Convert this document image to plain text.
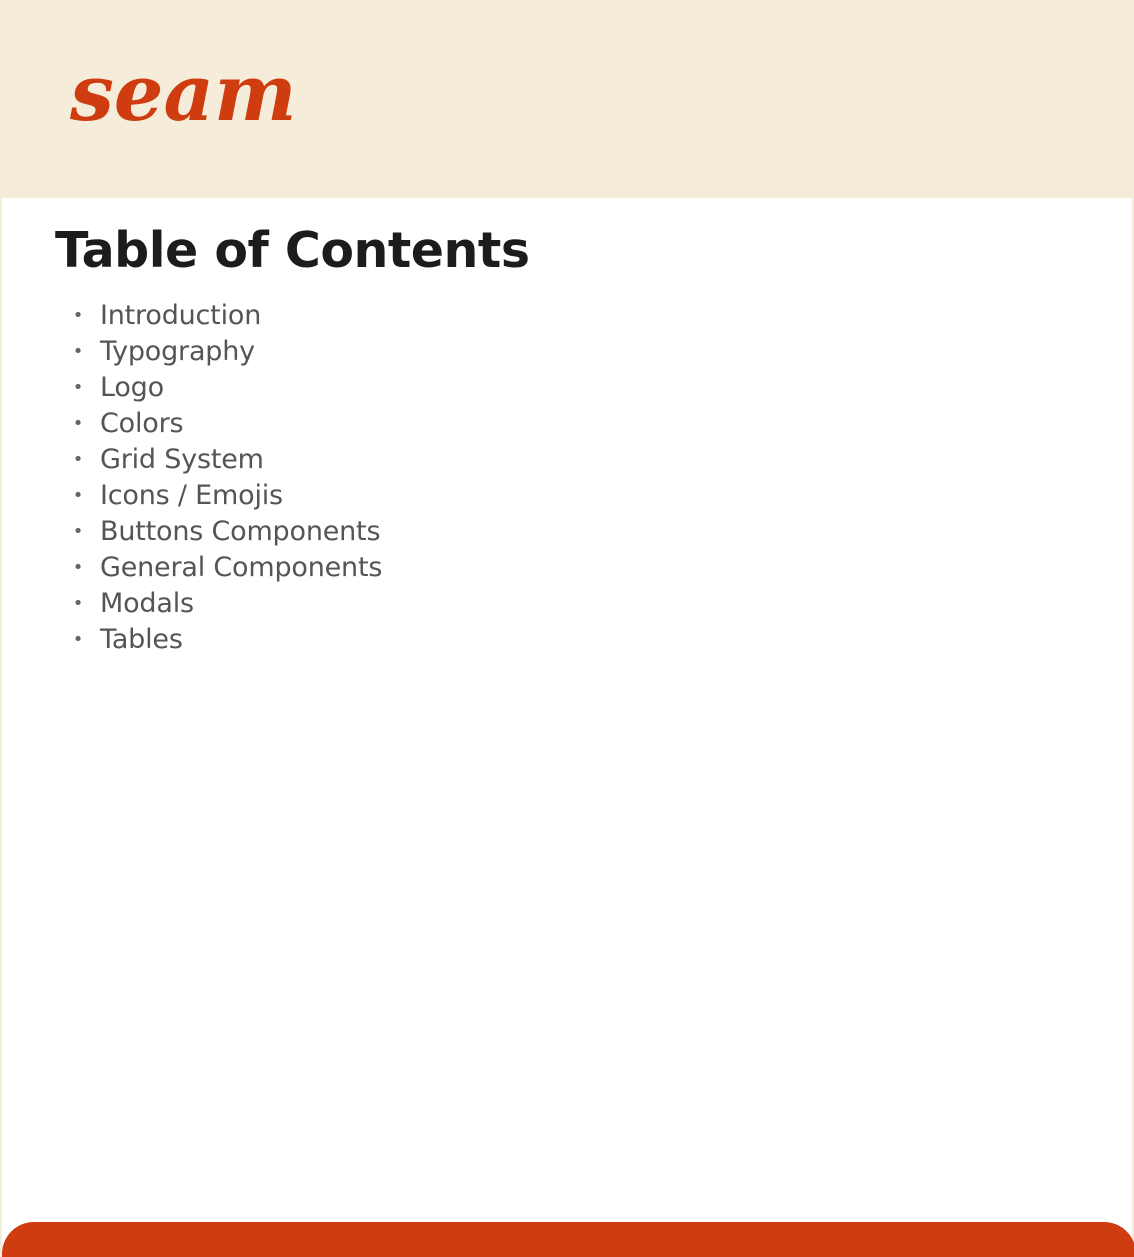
seam
Table of Contents
• Introduction
• Typography
• Logo
• Colors
• Grid System
• Icons / Emojis
• Buttons Components
• General Components
• Modals
• Tables
